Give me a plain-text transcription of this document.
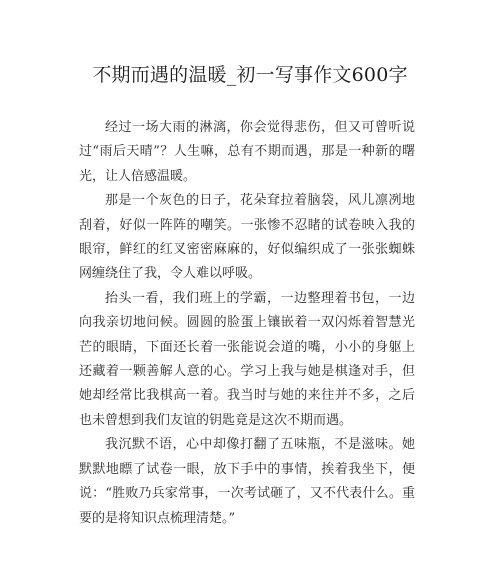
不期而遇的温暖_初一写事作文600字

经过一场大雨的淋漓，你会觉得悲伤，但又可曾听说过“雨后天晴”？人生嘛，总有不期而遇，那是一种新的曙光，让人倍感温暖。

那是一个灰色的日子，花朵耷拉着脑袋，风儿凛冽地刮着，好似一阵阵的嘲笑。一张惨不忍睹的试卷映入我的眼帘，鲜红的红叉密密麻麻的，好似编织成了一张张蜘蛛网缠绕住了我，令人难以呼吸。

抬头一看，我们班上的学霸，一边整理着书包，一边向我亲切地问候。圆圆的脸蛋上镶嵌着一双闪烁着智慧光芒的眼睛，下面还长着一张能说会道的嘴，小小的身躯上还藏着一颗善解人意的心。学习上我与她是棋逢对手，但她却经常比我棋高一着。我当时与她的来往并不多，之后也未曾想到我们友谊的钥匙竟是这次不期而遇。

我沉默不语，心中却像打翻了五味瓶，不是滋味。她默默地瞟了试卷一眼，放下手中的事情，挨着我坐下，便说：“胜败乃兵家常事，一次考试砸了，又不代表什么。重要的是将知识点梳理清楚。”
